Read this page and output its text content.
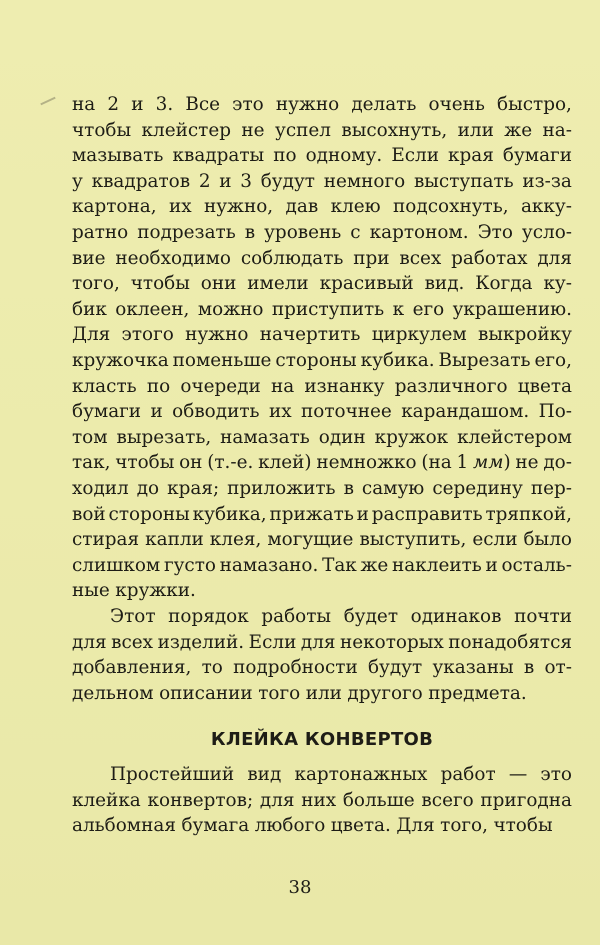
на 2 и 3. Все это нужно делать очень быстро,
чтобы клейстер не успел высохнуть, или же на-
мазывать квадраты по одному. Если края бумаги
у квадратов 2 и 3 будут немного выступать из-за
картона, их нужно, дав клею подсохнуть, акку-
ратно подрезать в уровень с картоном. Это усло-
вие необходимо соблюдать при всех работах для
того, чтобы они имели красивый вид. Когда ку-
бик оклеен, можно приступить к его украшению.
Для этого нужно начертить циркулем выкройку
кружочка поменьше стороны кубика. Вырезать его,
класть по очереди на изнанку различного цвета
бумаги и обводить их поточнее карандашом. По-
том вырезать, намазать один кружок клейстером
так, чтобы он (т.-е. клей) немножко (на 1 мм) не до-
ходил до края; приложить в самую середину пер-
вой стороны кубика, прижать и расправить тряпкой,
стирая капли клея, могущие выступить, если было
слишком густо намазано. Так же наклеить и осталь-
ные кружки.
Этот порядок работы будет одинаков почти
для всех изделий. Если для некоторых понадобятся
добавления, то подробности будут указаны в от-
дельном описании того или другого предмета.
КЛЕЙКА КОНВЕРТОВ
Простейший вид картонажных работ — это
клейка конвертов; для них больше всего пригодна
альбомная бумага любого цвета. Для того, чтобы
38
